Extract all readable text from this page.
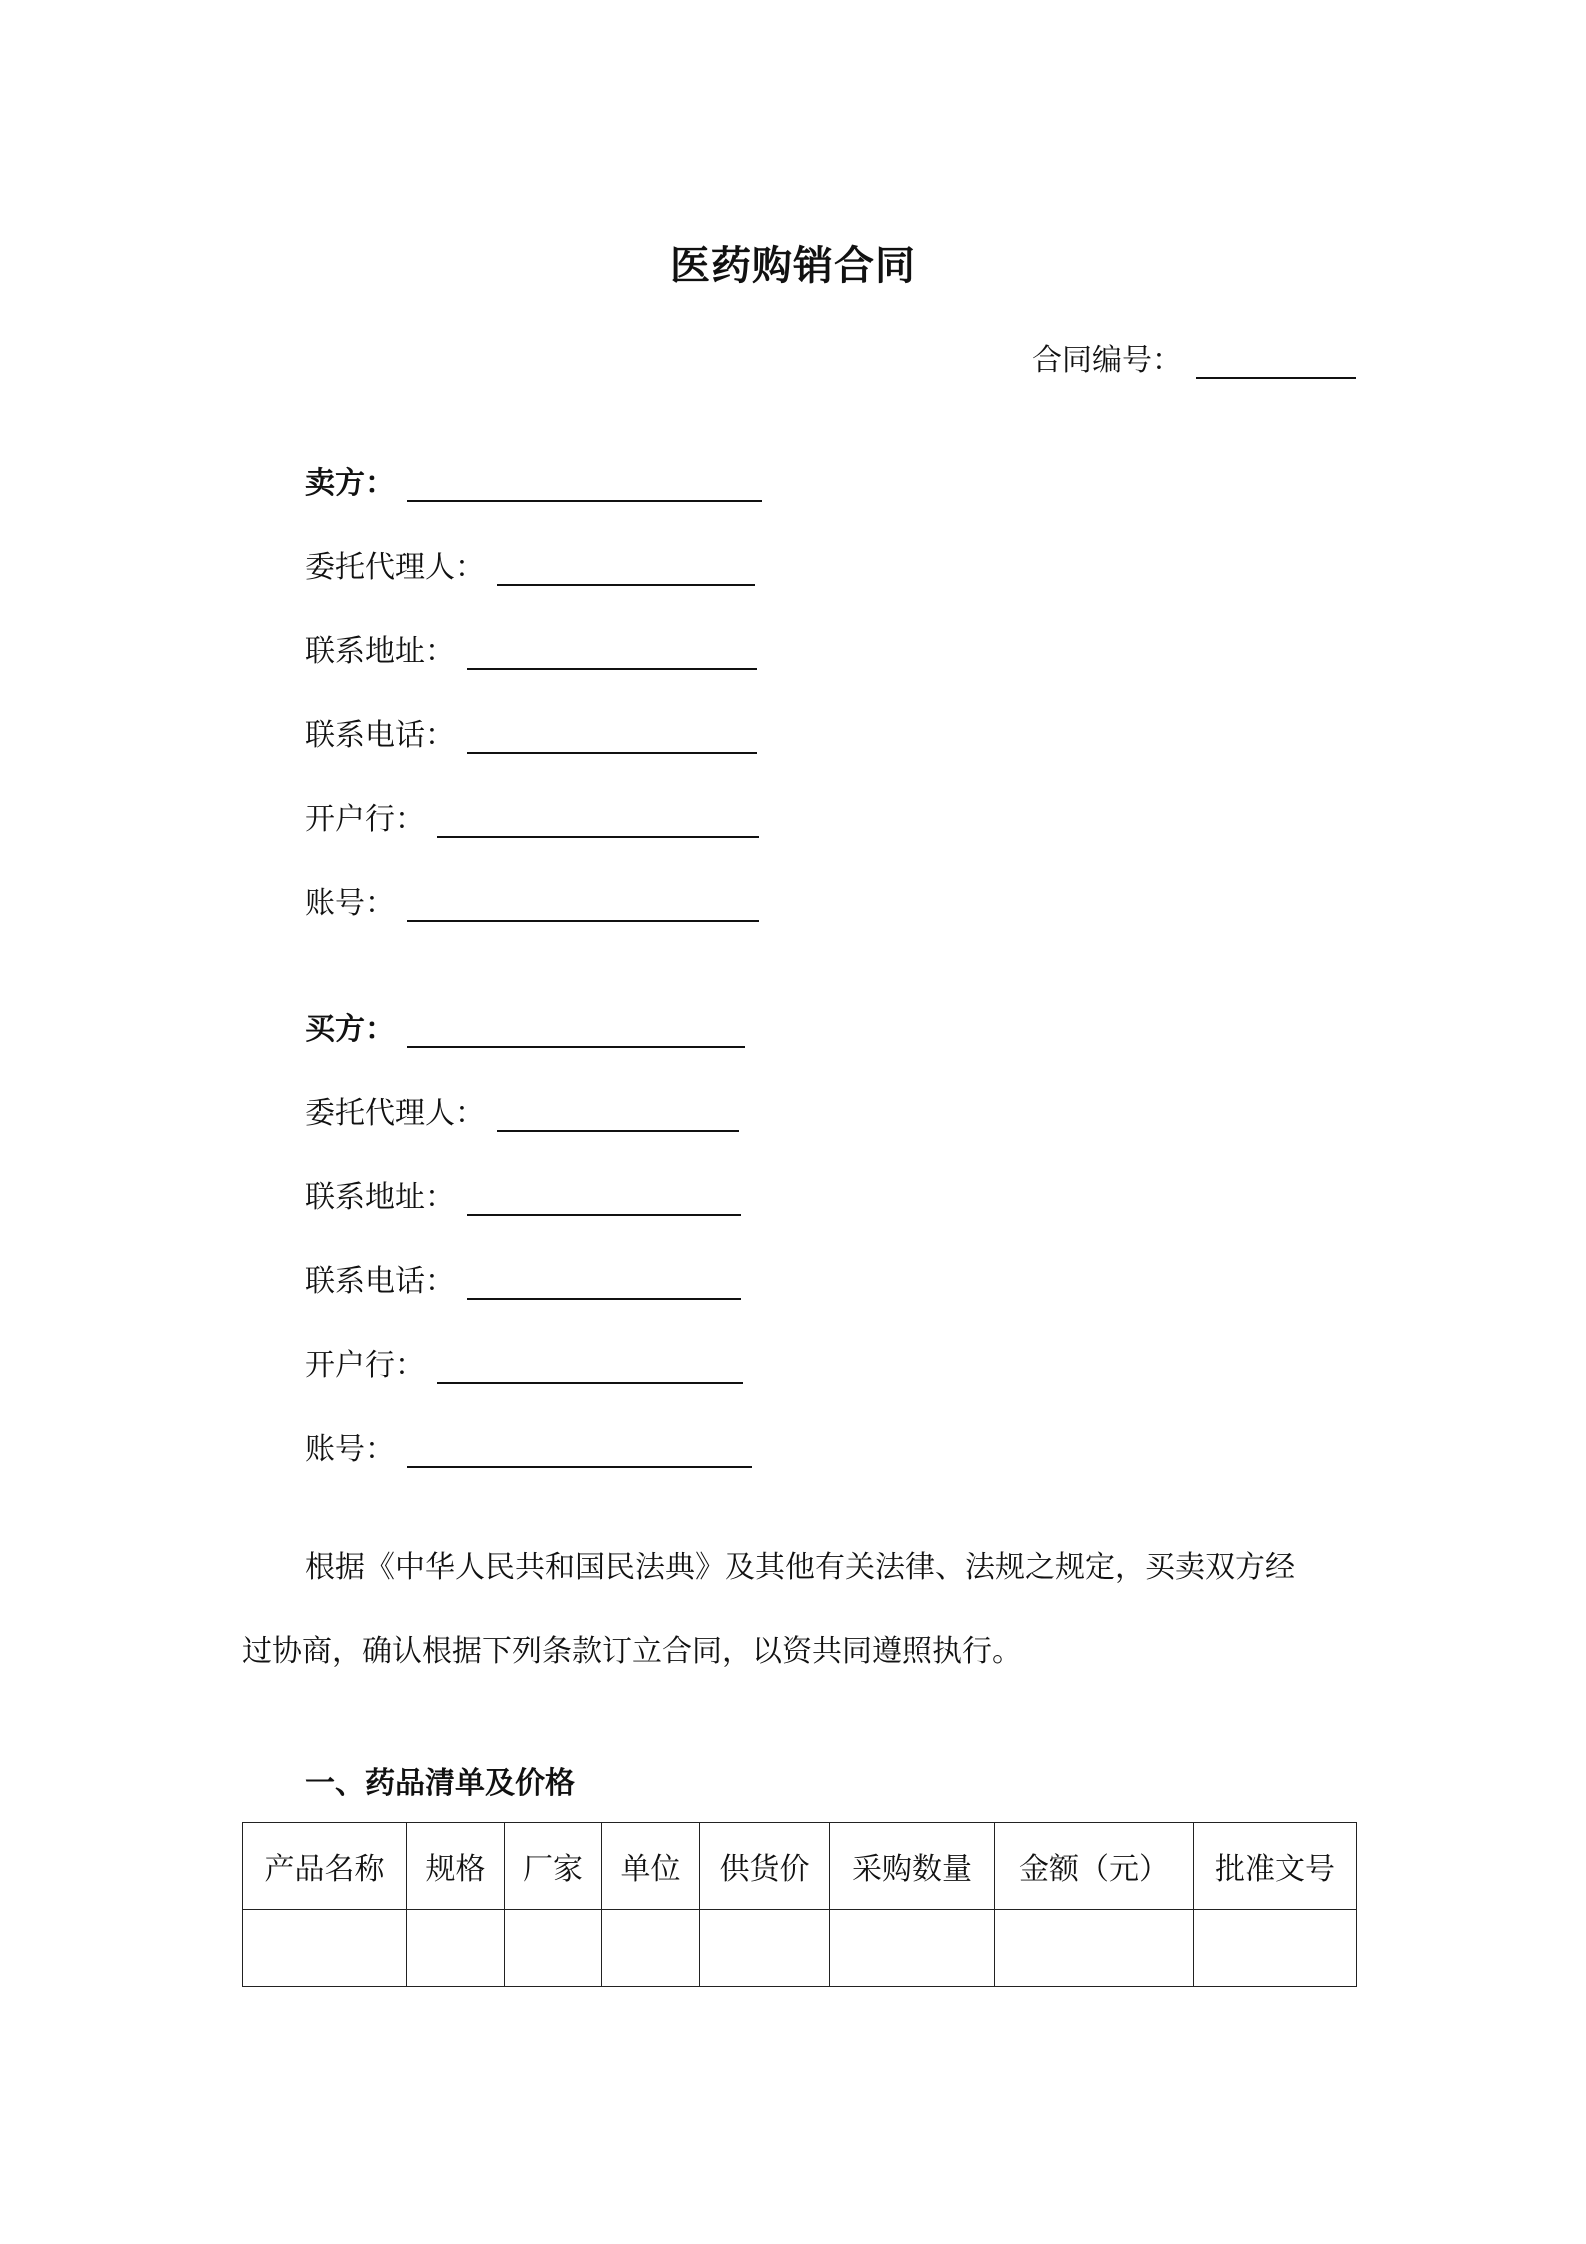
医药购销合同
合同编号：
卖方：
委托代理人：
联系地址：
联系电话：
开户行：
账号：
买方：
委托代理人：
联系地址：
联系电话：
开户行：
账号：
根据《中华人民共和国民法典》及其他有关法律、法规之规定，买卖双方经
过协商，确认根据下列条款订立合同，以资共同遵照执行。
一、药品清单及价格
产品名称	规格	厂家	单位	供货价	采购数量	金额（元）	批准文号
